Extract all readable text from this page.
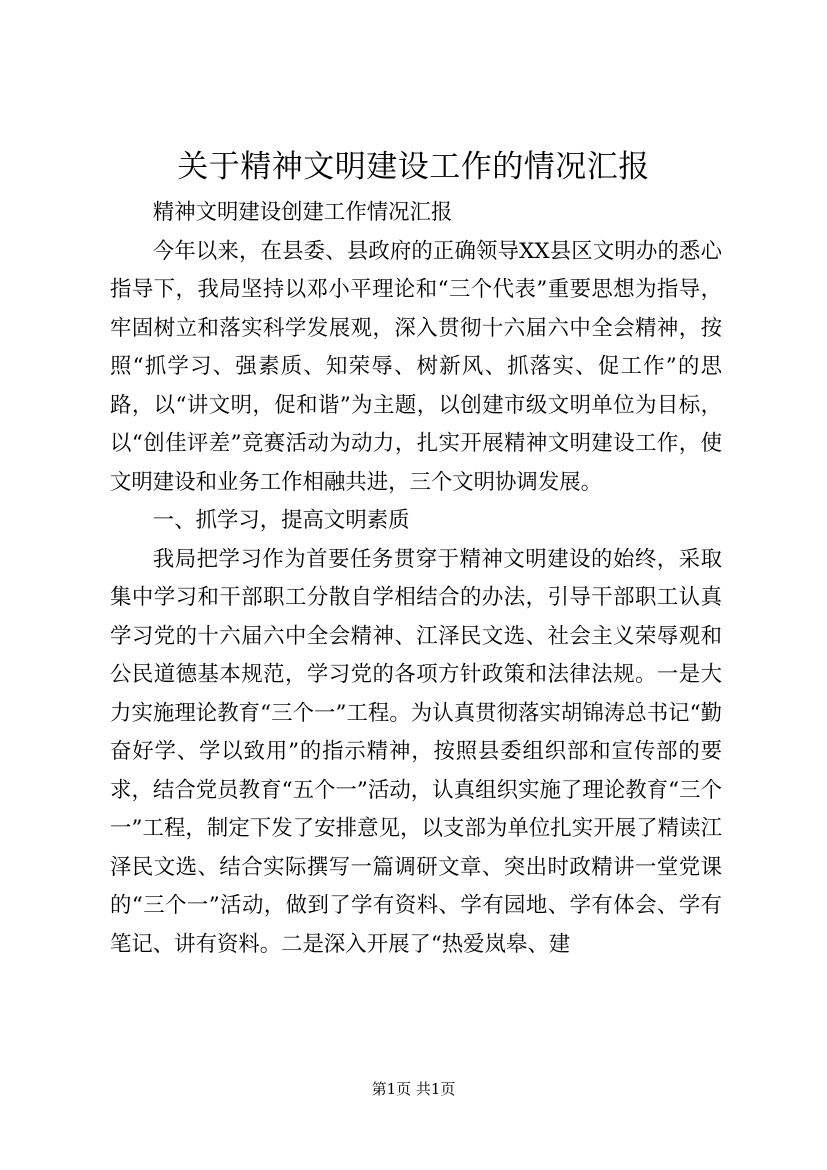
关于精神文明建设工作的情况汇报

精神文明建设创建工作情况汇报

今年以来，在县委、县政府的正确领导XX县区文明办的悉心指导下，我局坚持以邓小平理论和“三个代表”重要思想为指导，牢固树立和落实科学发展观，深入贯彻十六届六中全会精神，按照“抓学习、强素质、知荣辱、树新风、抓落实、促工作”的思路，以“讲文明，促和谐”为主题，以创建市级文明单位为目标，以“创佳评差”竞赛活动为动力，扎实开展精神文明建设工作，使文明建设和业务工作相融共进，三个文明协调发展。

一、抓学习，提高文明素质

我局把学习作为首要任务贯穿于精神文明建设的始终，采取集中学习和干部职工分散自学相结合的办法，引导干部职工认真学习党的十六届六中全会精神、江泽民文选、社会主义荣辱观和公民道德基本规范，学习党的各项方针政策和法律法规。一是大力实施理论教育“三个一”工程。为认真贯彻落实胡锦涛总书记“勤奋好学、学以致用”的指示精神，按照县委组织部和宣传部的要求，结合党员教育“五个一”活动，认真组织实施了理论教育“三个一”工程，制定下发了安排意见，以支部为单位扎实开展了精读江泽民文选、结合实际撰写一篇调研文章、突出时政精讲一堂党课的“三个一”活动，做到了学有资料、学有园地、学有体会、学有笔记、讲有资料。二是深入开展了“热爱岚皋、建

第1页 共1页
